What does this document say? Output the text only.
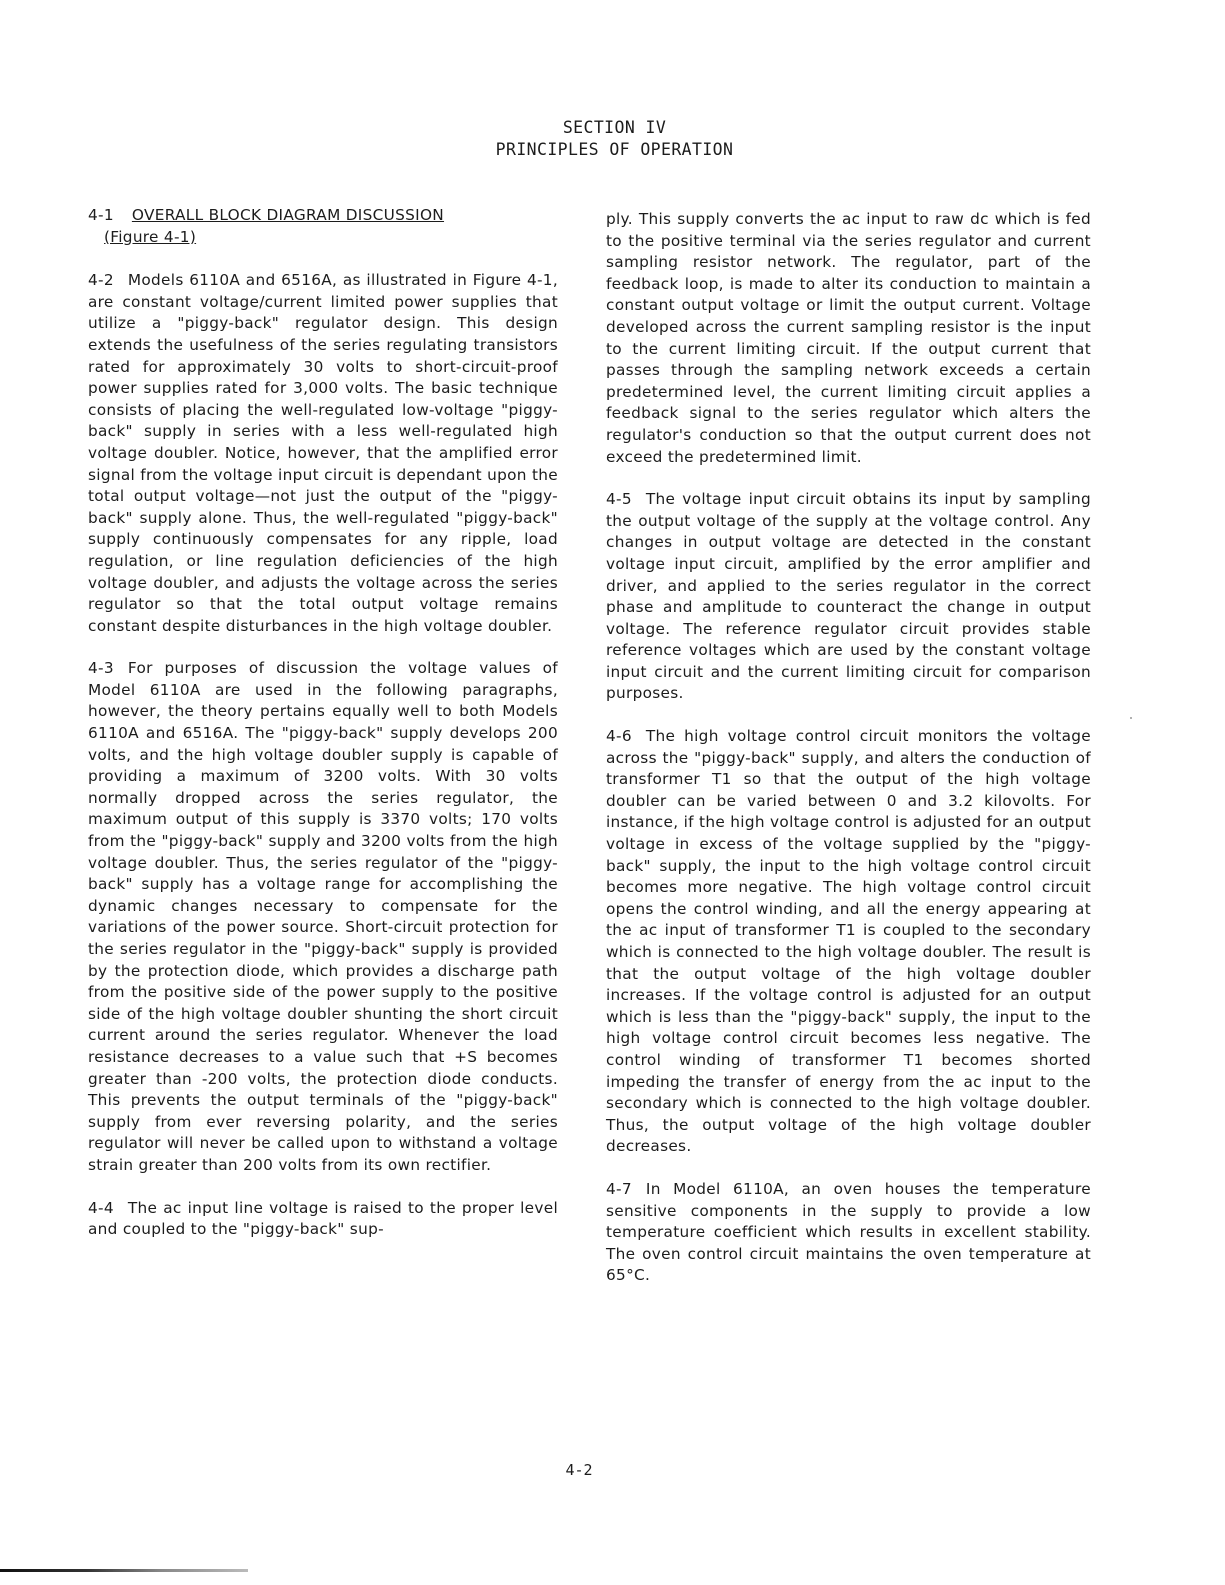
SECTION IV
PRINCIPLES OF OPERATION
4-1 OVERALL BLOCK DIAGRAM DISCUSSION
(Figure 4-1)

4-2 Models 6110A and 6516A, as illustrated in Figure 4-1, are constant voltage/current limited power supplies that utilize a "piggy-back" regulator design. This design extends the usefulness of the series regulating transistors rated for approximately 30 volts to short-circuit-proof power supplies rated for 3,000 volts. The basic technique consists of placing the well-regulated low-voltage "piggy-back" supply in series with a less well-regulated high voltage doubler. Notice, however, that the amplified error signal from the voltage input circuit is dependant upon the total output voltage—not just the output of the "piggy-back" supply alone. Thus, the well-regulated "piggy-back" supply continuously compensates for any ripple, load regulation, or line regulation deficiencies of the high voltage doubler, and adjusts the voltage across the series regulator so that the total output voltage remains constant despite disturbances in the high voltage doubler.

4-3 For purposes of discussion the voltage values of Model 6110A are used in the following paragraphs, however, the theory pertains equally well to both Models 6110A and 6516A. The "piggy-back" supply develops 200 volts, and the high voltage doubler supply is capable of providing a maximum of 3200 volts. With 30 volts normally dropped across the series regulator, the maximum output of this supply is 3370 volts; 170 volts from the "piggy-back" supply and 3200 volts from the high voltage doubler. Thus, the series regulator of the "piggy-back" supply has a voltage range for accomplishing the dynamic changes necessary to compensate for the variations of the power source. Short-circuit protection for the series regulator in the "piggy-back" supply is provided by the protection diode, which provides a discharge path from the positive side of the power supply to the positive side of the high voltage doubler shunting the short circuit current around the series regulator. Whenever the load resistance decreases to a value such that +S becomes greater than -200 volts, the protection diode conducts. This prevents the output terminals of the "piggy-back" supply from ever reversing polarity, and the series regulator will never be called upon to withstand a voltage strain greater than 200 volts from its own rectifier.

4-4 The ac input line voltage is raised to the proper level and coupled to the "piggy-back" sup-

ply. This supply converts the ac input to raw dc which is fed to the positive terminal via the series regulator and current sampling resistor network. The regulator, part of the feedback loop, is made to alter its conduction to maintain a constant output voltage or limit the output current. Voltage developed across the current sampling resistor is the input to the current limiting circuit. If the output current that passes through the sampling network exceeds a certain predetermined level, the current limiting circuit applies a feedback signal to the series regulator which alters the regulator's conduction so that the output current does not exceed the predetermined limit.

4-5 The voltage input circuit obtains its input by sampling the output voltage of the supply at the voltage control. Any changes in output voltage are detected in the constant voltage input circuit, amplified by the error amplifier and driver, and applied to the series regulator in the correct phase and amplitude to counteract the change in output voltage. The reference regulator circuit provides stable reference voltages which are used by the constant voltage input circuit and the current limiting circuit for comparison purposes.

4-6 The high voltage control circuit monitors the voltage across the "piggy-back" supply, and alters the conduction of transformer T1 so that the output of the high voltage doubler can be varied between 0 and 3.2 kilovolts. For instance, if the high voltage control is adjusted for an output voltage in excess of the voltage supplied by the "piggy-back" supply, the input to the high voltage control circuit becomes more negative. The high voltage control circuit opens the control winding, and all the energy appearing at the ac input of transformer T1 is coupled to the secondary which is connected to the high voltage doubler. The result is that the output voltage of the high voltage doubler increases. If the voltage control is adjusted for an output which is less than the "piggy-back" supply, the input to the high voltage control circuit becomes less negative. The control winding of transformer T1 becomes shorted impeding the transfer of energy from the ac input to the secondary which is connected to the high voltage doubler. Thus, the output voltage of the high voltage doubler decreases.

4-7 In Model 6110A, an oven houses the temperature sensitive components in the supply to provide a low temperature coefficient which results in excellent stability. The oven control circuit maintains the oven temperature at 65°C.

4-2
